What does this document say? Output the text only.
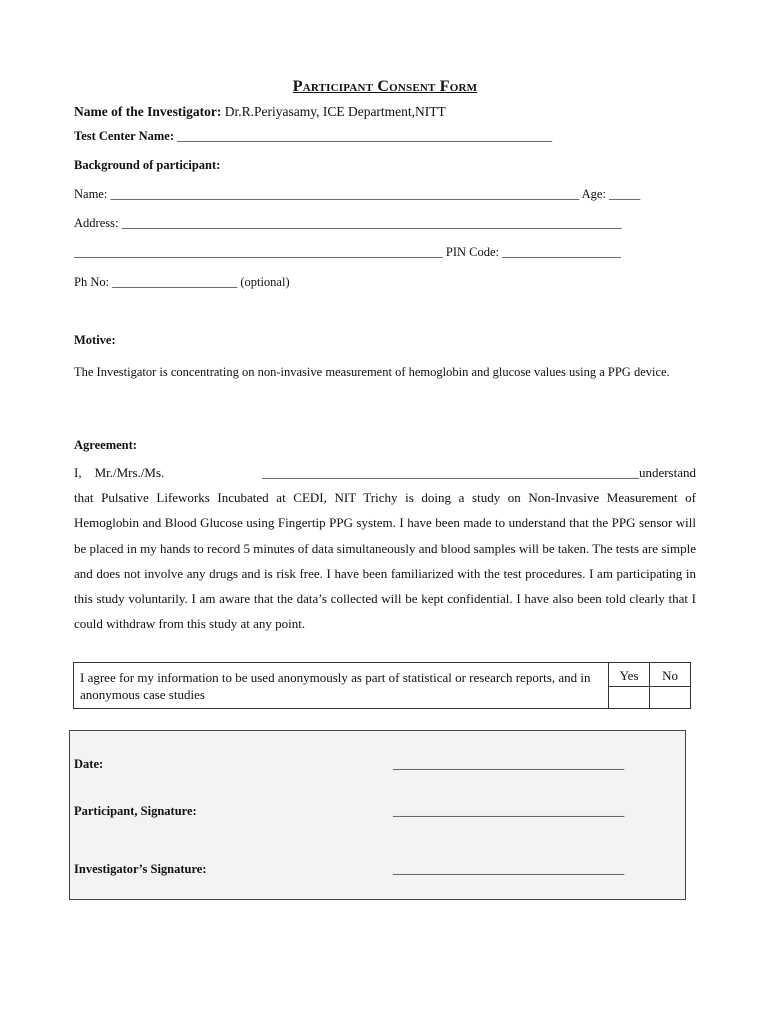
Participant Consent Form
Name of the Investigator: Dr.R.Periyasamy, ICE Department,NITT
Test Center Name: ____________________________________________________________
Background of participant:
Name: ___________________________________________________________________________ Age: _____
Address: ________________________________________________________________________________
___________________________________________________________ PIN Code: ___________________
Ph No: ____________________ (optional)
Motive:
The Investigator is concentrating on non-invasive measurement of hemoglobin and glucose values using a PPG device.
Agreement:
I, Mr./Mrs./Ms.	__________________________________________________________understand
that Pulsative Lifeworks Incubated at CEDI, NIT Trichy is doing a study on Non-Invasive Measurement of Hemoglobin and Blood Glucose using Fingertip PPG system. I have been made to understand that the PPG sensor will be placed in my hands to record 5 minutes of data simultaneously and blood samples will be taken. The tests are simple and does not involve any drugs and is risk free. I have been familiarized with the test procedures. I am participating in this study voluntarily. I am aware that the data’s collected will be kept confidential. I have also been told clearly that I could withdraw from this study at any point.
I agree for my information to be used anonymously as part of statistical or research reports, and in anonymous case studies	Yes	No

Date:	_____________________________________
Participant, Signature:	_____________________________________
Investigator’s Signature:	_____________________________________
